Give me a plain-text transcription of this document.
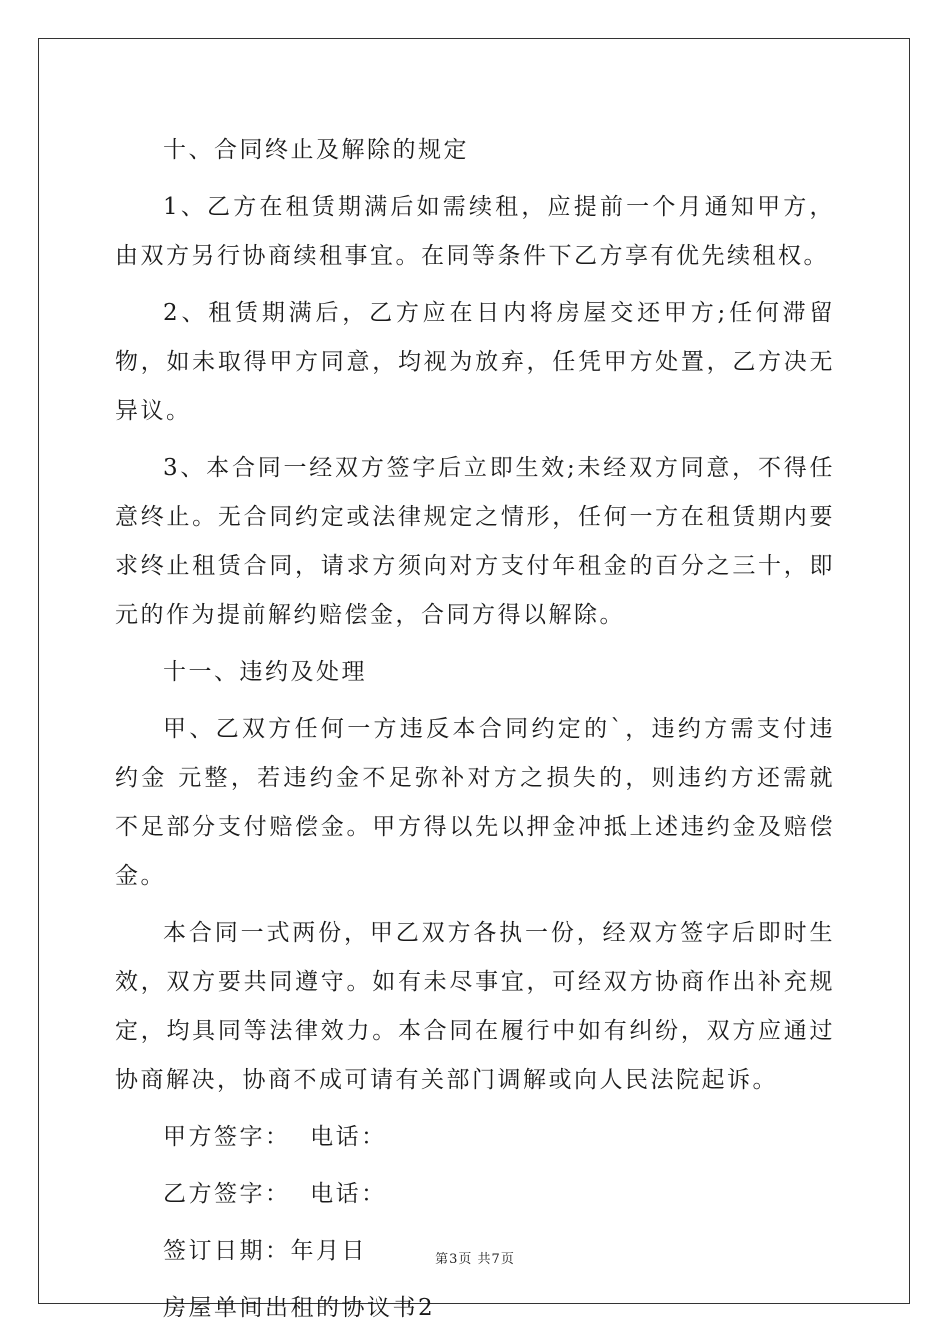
十、合同终止及解除的规定

1、乙方在租赁期满后如需续租，应提前一个月通知甲方，由双方另行协商续租事宜。在同等条件下乙方享有优先续租权。

2、租赁期满后，乙方应在日内将房屋交还甲方;任何滞留物，如未取得甲方同意，均视为放弃，任凭甲方处置，乙方决无异议。

3、本合同一经双方签字后立即生效;未经双方同意，不得任意终止。无合同约定或法律规定之情形，任何一方在租赁期内要求终止租赁合同，请求方须向对方支付年租金的百分之三十，即 元的作为提前解约赔偿金，合同方得以解除。

十一、违约及处理

甲、乙双方任何一方违反本合同约定的`，违约方需支付违约金 元整，若违约金不足弥补对方之损失的，则违约方还需就不足部分支付赔偿金。甲方得以先以押金冲抵上述违约金及赔偿金。

本合同一式两份，甲乙双方各执一份，经双方签字后即时生效，双方要共同遵守。如有未尽事宜，可经双方协商作出补充规定，均具同等法律效力。本合同在履行中如有纠纷，双方应通过协商解决，协商不成可请有关部门调解或向人民法院起诉。

甲方签字：  电话：

乙方签字：  电话：

签订日期：年月日

房屋单间出租的协议书2

第3页 共7页
